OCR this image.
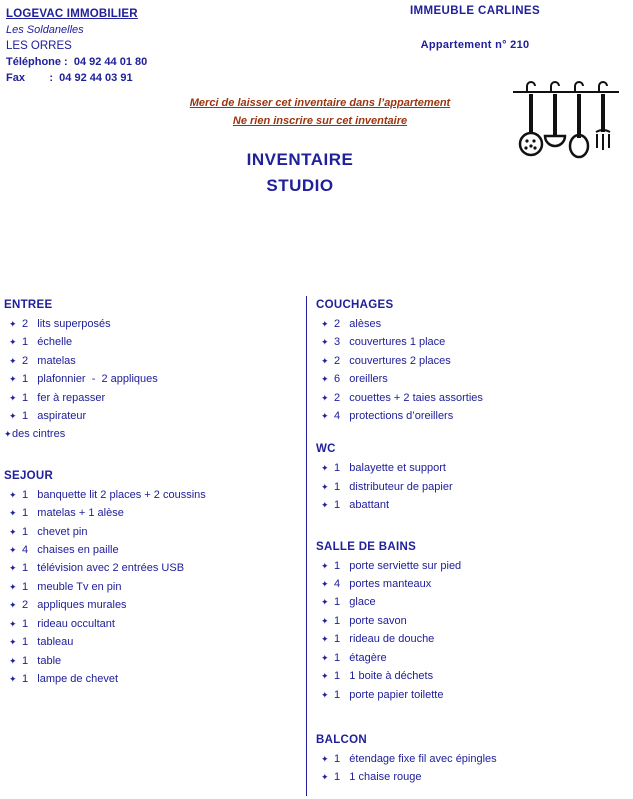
LOGEVAC IMMOBILIER
Les Soldanelles
LES ORRES
Téléphone :  04 92 44 01 80
Fax        :  04 92 44 03 91
IMMEUBLE CARLINES
Appartement n° 210
Merci de laisser cet inventaire dans l’appartement
Ne rien inscrire sur cet inventaire
INVENTAIRE
STUDIO
ENTREE
✦ 2   lits superposés
✦ 1   échelle
✦ 2   matelas
✦ 1   plafonnier  -  2 appliques
✦ 1   fer à repasser
✦ 1   aspirateur
✦ des cintres
SEJOUR
✦ 1   banquette lit 2 places + 2 coussins
✦ 1   matelas + 1 alèse
✦ 1   chevet pin
✦ 4   chaises en paille
✦ 1   télévision avec 2 entrées USB
✦ 1   meuble Tv en pin
✦ 2   appliques murales
✦ 1   rideau occultant
✦ 1   tableau
✦ 1   table
✦ 1   lampe de chevet
COUCHAGES
✦ 2   alèses
✦ 3   couvertures 1 place
✦ 2   couvertures 2 places
✦ 6   oreillers
✦ 2   couettes + 2 taies assorties
✦ 4   protections d’oreillers
WC
✦ 1   balayette et support
✦ 1   distributeur de papier
✦ 1   abattant
SALLE DE BAINS
✦ 1   porte serviette sur pied
✦ 4   portes manteaux
✦ 1   glace
✦ 1   porte savon
✦ 1   rideau de douche
✦ 1   étagère
✦ 1   1 boite à déchets
✦ 1   porte papier toilette
BALCON
✦ 1   étendage fixe fil avec épingles
✦ 1   1 chaise rouge
